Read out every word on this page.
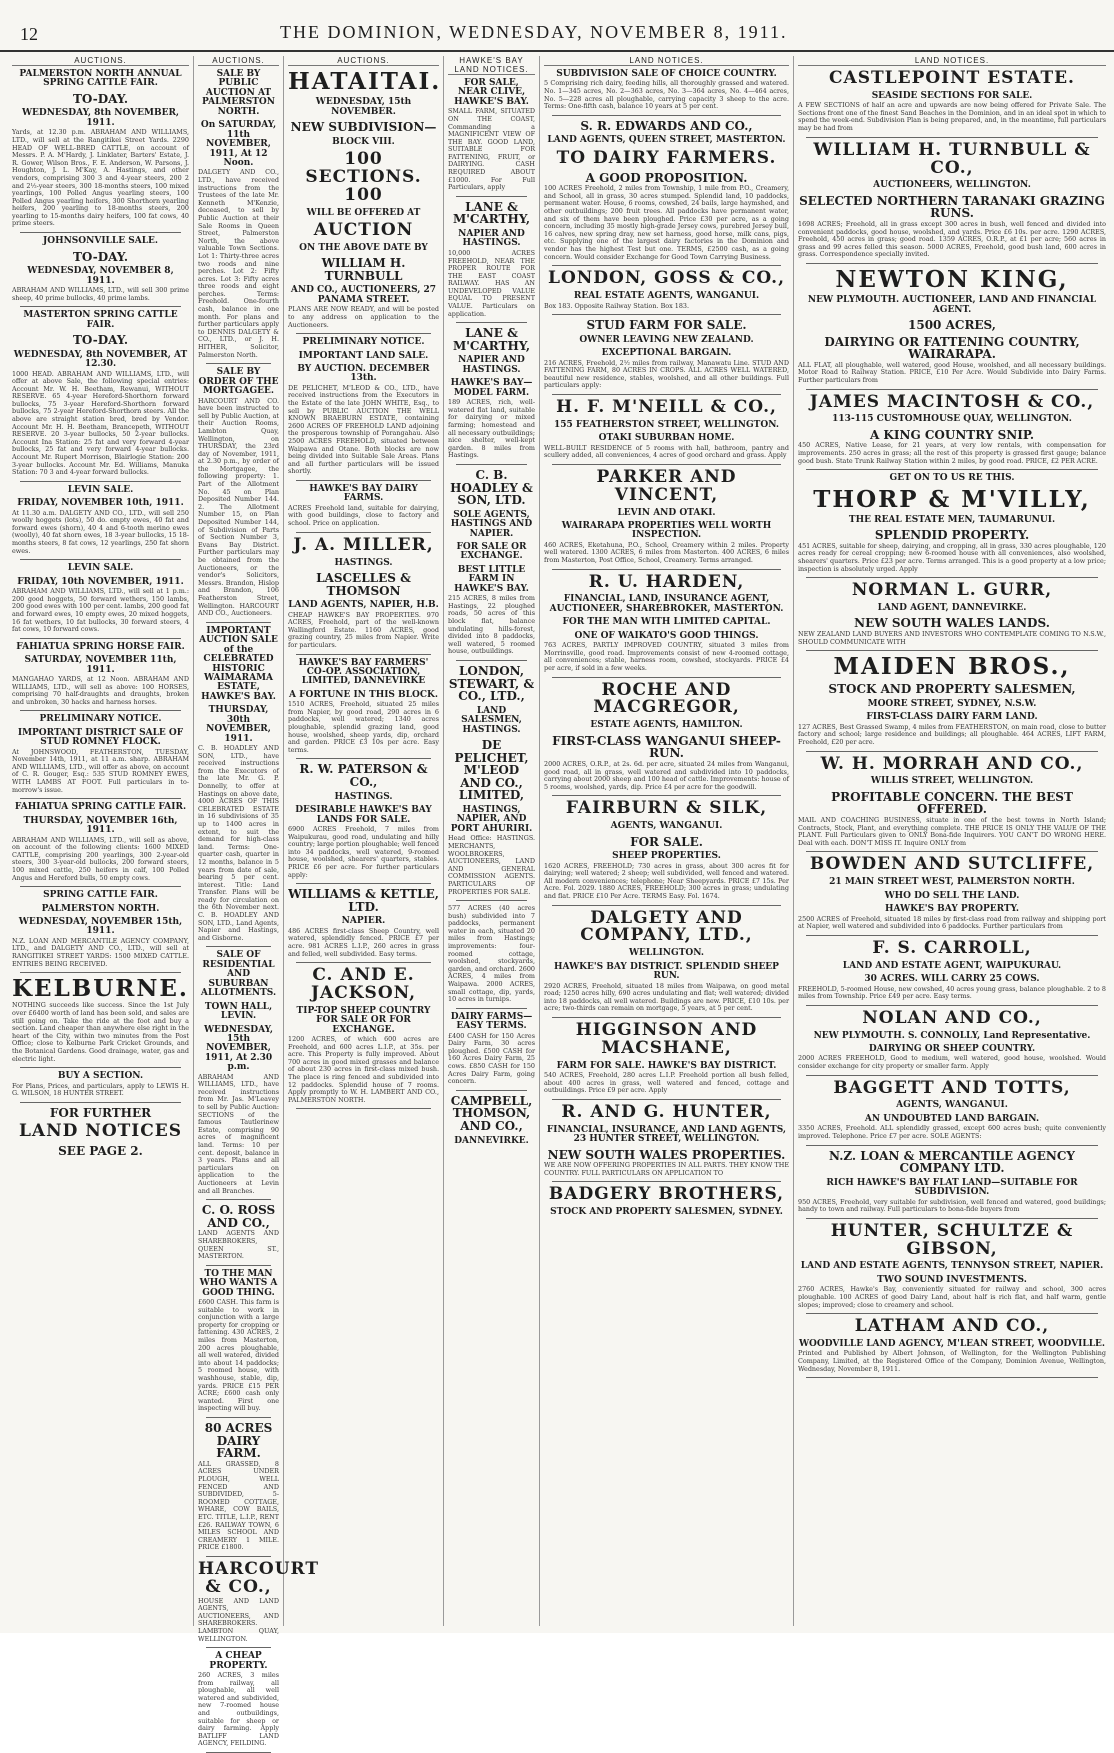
12	THE DOMINION, WEDNESDAY, NOVEMBER 8, 1911.
AUCTIONS.
PALMERSTON NORTH ANNUAL SPRING CATTLE FAIR.
TO-DAY.
WEDNESDAY, 8th NOVEMBER, 1911.
Yards, at 12.30 p.m. ABRAHAM AND WILLIAMS, LTD., will sell at the Rangitikei Street Yards. 2290 HEAD OF WELL-BRED CATTLE, on account of Messrs. P. A. M'Hardy, J. Linklater, Barters' Estate, J. R. Gower, Wilson Bros., F. E. Anderson, W. Parsons, J. Houghton, J. L. M'Kay, A. Hastings, and other vendors, comprising 300 3 and 4-year steers, 200 2 and 2½-year steers, 300 18-months steers, 100 mixed yearlings, 100 Polled Angus yearling steers, 100 Polled Angus yearling heifers, 300 Shorthorn yearling heifers, 200 yearling to 18-months steers, 200 yearling to 15-months dairy heifers, 100 fat cows, 40 prime steers.
JOHNSONVILLE SALE.
TO-DAY.
WEDNESDAY, NOVEMBER 8, 1911.
ABRAHAM AND WILLIAMS, LTD., will sell 300 prime sheep, 40 prime bullocks, 40 prime lambs.
MASTERTON SPRING CATTLE FAIR.
TO-DAY.
WEDNESDAY, 8th NOVEMBER, AT 12.30.
1000 HEAD. ABRAHAM AND WILLIAMS, LTD., will offer at above Sale, the following special entries: Account Mr. W. H. Beetham, Rewanui, WITHOUT RESERVE. 65 4-year Hereford-Shorthorn forward bullocks, 75 3-year Hereford-Shorthorn forward bullocks, 75 2-year Hereford-Shorthorn steers. All the above are straight station bred, bred by Vendor. Account Mr. H. H. Beetham, Brancepeth, WITHOUT RESERVE. 20 3-year bullocks, 50 2-year bullocks. Account Ina Station: 25 fat and very forward 4-year bullocks, 25 fat and very forward 4-year bullocks. Account Mr. Rupert Morrison, Blairlogie Station: 200 3-year bullocks. Account Mr. Ed. Williams, Manuka Station: 70 3 and 4-year forward bullocks.
LEVIN SALE.
FRIDAY, NOVEMBER 10th, 1911.
At 11.30 a.m. DALGETY AND CO., LTD., will sell 250 woolly hoggets (lots), 50 do. empty ewes, 40 fat and forward ewes (shorn), 40 4 and 6-tooth merino ewes (woolly), 40 fat shorn ewes, 18 3-year bullocks, 15 18-months steers, 8 fat cows, 12 yearlings, 250 fat shorn ewes.
LEVIN SALE.
FRIDAY, 10th NOVEMBER, 1911.
ABRAHAM AND WILLIAMS, LTD., will sell at 1 p.m.: 200 good hoggets, 50 forward wethers, 150 lambs, 200 good ewes with 100 per cent. lambs, 200 good fat and forward ewes, 10 empty ewes, 20 mixed hoggets, 16 fat wethers, 10 fat bullocks, 30 forward steers, 4 fat cows, 10 forward cows.
FAHIATUA SPRING HORSE FAIR.
SATURDAY, NOVEMBER 11th, 1911.
MANGAHAO YARDS, at 12 Noon. ABRAHAM AND WILLIAMS, LTD., will sell as above: 100 HORSES, comprising 70 half-draughts and draughts, broken and unbroken, 30 hacks and harness horses.
PRELIMINARY NOTICE.
IMPORTANT DISTRICT SALE OF STUD ROMNEY FLOCK.
At JOHNSWOOD, FEATHERSTON, TUESDAY, November 14th, 1911, at 11 a.m. sharp. ABRAHAM AND WILLIAMS, LTD., will offer as above, on account of C. R. Gouger, Esq.: 535 STUD ROMNEY EWES, WITH LAMBS AT FOOT. Full particulars in to-morrow's issue.
FAHIATUA SPRING CATTLE FAIR.
THURSDAY, NOVEMBER 16th, 1911.
ABRAHAM AND WILLIAMS, LTD., will sell as above, on account of the following clients: 1600 MIXED CATTLE, comprising 200 yearlings, 300 2-year-old steers, 300 3-year-old bullocks, 200 forward steers, 100 mixed cattle, 250 heifers in calf, 100 Polled Angus and Hereford bulls, 50 empty cows.
SPRING CATTLE FAIR.
PALMERSTON NORTH.
WEDNESDAY, NOVEMBER 15th, 1911.
N.Z. LOAN AND MERCANTILE AGENCY COMPANY, LTD., and DALGETY AND CO., LTD., will sell at RANGITIKEI STREET YARDS: 1500 MIXED CATTLE. ENTRIES BEING RECEIVED.
KELBURNE.
NOTHING succeeds like success. Since the 1st July over £6400 worth of land has been sold, and sales are still going on. Take the ride at the foot and buy a section. Land cheaper than anywhere else right in the heart of the City, within two minutes from the Post Office; close to Kelburne Park Cricket Grounds, and the Botanical Gardens. Good drainage, water, gas and electric light.
BUY A SECTION.
For Plans, Prices, and particulars, apply to LEWIS H. G. WILSON, 18 HUNTER STREET.
FOR FURTHER
LAND NOTICES
SEE PAGE 2.
AUCTIONS.
SALE BY PUBLIC AUCTION AT PALMERSTON NORTH.
On SATURDAY, 11th NOVEMBER, 1911, At 12 Noon.
DALGETY AND CO., LTD., have received instructions from the Trustees of the late Mr. Kenneth M'Kenzie, deceased, to sell by Public Auction at their Sale Rooms in Queen Street, Palmerston North, the above valuable Town Sections. Lot 1: Thirty-three acres two roods and nine perches. Lot 2: Fifty acres. Lot 3: Fifty acres three roods and eight perches. Terms: Freehold. One-fourth cash, balance in one month. For plans and further particulars apply to DENNIS DALGETY & CO., LTD., or J. H. HITHER, Solicitor, Palmerston North.
SALE BY ORDER OF THE MORTGAGEE.
HARCOURT AND CO. have been instructed to sell by Public Auction, at their Auction Rooms, Lambton Quay, Wellington, on THURSDAY, the 23rd day of November, 1911, at 2.30 p.m., by order of the Mortgagee, the following property: 1. Part of the Allotment No. 45 on Plan Deposited Number 144. 2. The Allotment Number 15, on Plan Deposited Number 144, of Subdivision of Parts of Section Number 3, Evans Bay District. Further particulars may be obtained from the Auctioneers, or the vendor's Solicitors, Messrs. Brandon, Hislop and Brandon, 106 Featherston Street, Wellington. HARCOURT AND CO., Auctioneers.
IMPORTANT AUCTION SALE of the CELEBRATED HISTORIC WAIMARAMA ESTATE, HAWKE'S BAY.
THURSDAY, 30th NOVEMBER, 1911.
C. B. HOADLEY AND SON, LTD., have received instructions from the Executors of the late Mr. G. P. Donnelly, to offer at Hastings on above date, 4000 ACRES OF THIS CELEBRATED ESTATE in 16 subdivisions of 35 up to 1400 acres in extent, to suit the demand for high-class land. Terms: One-quarter cash, quarter in 12 months, balance in 5 years from date of sale, bearing 5 per cent. interest. Title: Land Transfer. Plans will be ready for circulation on the 6th November next. C. B. HOADLEY AND SON, LTD., Land Agents, Napier and Hastings, and Gisborne.
SALE OF RESIDENTIAL AND SUBURBAN ALLOTMENTS.
TOWN HALL, LEVIN.
WEDNESDAY, 15th NOVEMBER, 1911, At 2.30 p.m.
ABRAHAM AND WILLIAMS, LTD., have received instructions from Mr. Jas. M'Leavey to sell by Public Auction: SECTIONS of the famous Tautlerinew Estate, comprising 90 acres of magnificent land. Terms: 10 per cent. deposit, balance in 3 years. Plans and all particulars on application to the Auctioneers at Levin and all Branches.
C. O. ROSS AND CO.,
LAND AGENTS AND SHAREBROKERS, QUEEN ST., MASTERTON.
TO THE MAN WHO WANTS A GOOD THING.
£600 CASH. This farm is suitable to work in conjunction with a large property for cropping or fattening. 430 ACRES, 2 miles from Masterton, 200 acres ploughable, all well watered, divided into about 14 paddocks; 5 roomed house, with washhouse, stable, dip, yards. PRICE £15 PER ACRE; £600 cash only wanted. First one inspecting will buy.
80 ACRES DAIRY FARM.
ALL GRASSED, 8 ACRES UNDER PLOUGH, WELL FENCED AND SUBDIVIDED, 5-ROOMED COTTAGE, WHARE, COW BAILS, ETC. TITLE, L.I.P., RENT £26. RAILWAY TOWN, 6 MILES SCHOOL AND CREAMERY 1 MILE. PRICE £1800.
HARCOURT & CO.,
HOUSE AND LAND AGENTS, AUCTIONEERS, AND SHAREBROKERS. LAMBTON QUAY, WELLINGTON.
A CHEAP PROPERTY.
260 ACRES, 3 miles from railway, all ploughable, all well watered and subdivided, new 7-roomed house and outbuildings, suitable for sheep or dairy farming. Apply BATLIFF LAND AGENCY, FEILDING.
AUCTIONS.
HATAITAI.
WEDNESDAY, 15th NOVEMBER.
NEW SUBDIVISION—
BLOCK VIII.
100 SECTIONS. 100
WILL BE OFFERED AT
AUCTION
ON THE ABOVE DATE BY
WILLIAM H. TURNBULL
AND CO., AUCTIONEERS, 27 PANAMA STREET.
PLANS ARE NOW READY, and will be posted to any address on application to the Auctioneers.
PRELIMINARY NOTICE.
IMPORTANT LAND SALE.
BY AUCTION. DECEMBER 13th.
DE PELICHET, M'LEOD & CO., LTD., have received instructions from the Executors in the Estate of the late JOHN WHITE, Esq., to sell by PUBLIC AUCTION THE WELL KNOWN BRAEBURN ESTATE, containing 2600 ACRES OF FREEHOLD LAND adjoining the prosperous township of Porangahau. Also 2500 ACRES FREEHOLD, situated between Waipawa and Otane. Both blocks are now being divided into Suitable Sale Areas. Plans and all further particulars will be issued shortly.
HAWKE'S BAY DAIRY FARMS.
ACRES Freehold land, suitable for dairying, with good buildings, close to factory and school. Price on application.
J. A. MILLER,
HASTINGS.
LASCELLES & THOMSON
LAND AGENTS, NAPIER, H.B.
CHEAP HAWKE'S BAY PROPERTIES. 970 ACRES, Freehold, part of the well-known Wallingford Estate. 1160 ACRES, good grazing country, 25 miles from Napier. Write for particulars.
HAWKE'S BAY FARMERS' CO-OP. ASSOCIATION, LIMITED, DANNEVIRKE
A FORTUNE IN THIS BLOCK.
1510 ACRES, Freehold, situated 25 miles from Napier, by good road, 290 acres in 6 paddocks, well watered; 1340 acres ploughable, splendid grazing land, good house, woolshed, sheep yards, dip, orchard and garden. PRICE £3 10s per acre. Easy terms.
R. W. PATERSON & CO.,
HASTINGS.
DESIRABLE HAWKE'S BAY LANDS FOR SALE.
6900 ACRES Freehold, 7 miles from Waipukurau, good road, undulating and hilly country; large portion ploughable; well fenced into 34 paddocks, well watered, 9-roomed house, woolshed, shearers' quarters, stables. PRICE £6 per acre. For further particulars apply:
WILLIAMS & KETTLE, LTD.
NAPIER.
486 ACRES first-class Sheep Country, well watered, splendidly fenced. PRICE £7 per acre. 981 ACRES L.I.P., 260 acres in grass and felled, well subdivided. Easy terms.
C. AND E. JACKSON,
TIP-TOP SHEEP COUNTRY FOR SALE OR FOR EXCHANGE.
1200 ACRES, of which 600 acres are Freehold, and 600 acres L.I.P., at 35s. per acre. This Property is fully improved. About 700 acres in good mixed grasses and balance of about 230 acres in first-class mixed bush. The place is ring fenced and subdivided into 12 paddocks. Splendid house of 7 rooms. Apply promptly to W. H. LAMBERT AND CO., PALMERSTON NORTH.
HAWKE'S BAY LAND NOTICES.
FOR SALE, NEAR CLIVE, HAWKE'S BAY.
SMALL FARM, SITUATED ON THE COAST, Commanding a MAGNIFICENT VIEW OF THE BAY. GOOD LAND, SUITABLE FOR FATTENING, FRUIT, or DAIRYING. CASH REQUIRED ABOUT £1000. For Full Particulars, apply
LANE & M'CARTHY,
NAPIER AND HASTINGS.
10,000 ACRES FREEHOLD, NEAR THE PROPER ROUTE FOR THE EAST COAST RAILWAY. HAS AN UNDEVELOPED VALUE EQUAL TO PRESENT VALUE. Particulars on application.
LANE & M'CARTHY,
NAPIER AND HASTINGS.
HAWKE'S BAY—MODEL FARM.
189 ACRES, rich, well-watered flat land, suitable for dairying or mixed farming; homestead and all necessary outbuildings; nice shelter, well-kept garden. 8 miles from Hastings.
C. B. HOADLEY & SON, LTD.
SOLE AGENTS, HASTINGS AND NAPIER.
FOR SALE OR EXCHANGE.
BEST LITTLE FARM IN HAWKE'S BAY.
215 ACRES, 8 miles from Hastings, 22 ploughed roads, 50 acres of this block flat, balance undulating hills-forest, divided into 8 paddocks, well watered, 5 roomed house, outbuildings.
LONDON, STEWART, & CO., LTD.,
LAND SALESMEN, HASTINGS.
DE PELICHET, M'LEOD AND CO., LIMITED,
HASTINGS, NAPIER, AND PORT AHURIRI.
Head Office: HASTINGS. MERCHANTS, WOOLBROKERS, AUCTIONEERS, LAND AND GENERAL COMMISSION AGENTS. PARTICULARS OF PROPERTIES FOR SALE.
577 ACRES (40 acres bush) subdivided into 7 paddocks, permanent water in each, situated 20 miles from Hastings; improvements: four-roomed cottage, woolshed, stockyards, garden, and orchard. 2600 ACRES, 4 miles from Waipawa. 2000 ACRES, small cottage, dip, yards, 10 acres in turnips.
DAIRY FARMS—EASY TERMS.
£400 CASH for 150 Acres Dairy Farm, 30 acres ploughed. £500 CASH for 160 Acres Dairy Farm, 25 cows. £850 CASH for 150 Acres Dairy Farm, going concern.
CAMPBELL, THOMSON, AND CO.,
DANNEVIRKE.
LAND NOTICES.
SUBDIVISION SALE OF CHOICE COUNTRY.
5 Comprising rich dairy, feeding hills, all thoroughly grassed and watered. No. 1—345 acres, No. 2—363 acres, No. 3—364 acres, No. 4—464 acres, No. 5—228 acres all ploughable, carrying capacity 3 sheep to the acre. Terms: One-fifth cash, balance 10 years at 5 per cent.
S. R. EDWARDS AND CO.,
LAND AGENTS, QUEEN STREET, MASTERTON.
TO DAIRY FARMERS.
A GOOD PROPOSITION.
100 ACRES Freehold, 2 miles from Township, 1 mile from P.O., Creamery, and School, all in grass, 30 acres stumped. Splendid land, 10 paddocks, permanent water. House, 6 rooms, cowshed, 24 bails, large haymshed, and other outbuildings; 200 fruit trees. All paddocks have permanent water, and six of them have been ploughed. Price £30 per acre, as a going concern, including 35 mostly high-grade Jersey cows, purebred Jersey bull, 16 calves, new spring dray, new set harness, good horse, milk cans, pigs, etc. Supplying one of the largest dairy factories in the Dominion and vendor has the highest Test but one. TERMS, £2500 cash, as a going concern. Would consider Exchange for Good Town Carrying Business.
LONDON, GOSS & CO.,
REAL ESTATE AGENTS, WANGANUI.
Box 183. Opposite Railway Station. Box 183.
STUD FARM FOR SALE.
OWNER LEAVING NEW ZEALAND.
EXCEPTIONAL BARGAIN.
216 ACRES, Freehold, 2½ miles from railway, Manawatu Line. STUD AND FATTENING FARM, 80 ACRES IN CROPS. ALL ACRES WELL WATERED, beautiful new residence, stables, woolshed, and all other buildings. Full particulars apply:
H. F. M'NEILL & CO.,
155 FEATHERSTON STREET, WELLINGTON.
OTAKI SUBURBAN HOME.
WELL-BUILT RESIDENCE of 5 rooms with hall, bathroom, pantry and scullery added, all conveniences, 4 acres of good orchard and grass. Apply
PARKER AND VINCENT,
LEVIN AND OTAKI.
WAIRARAPA PROPERTIES WELL WORTH INSPECTION.
460 ACRES, Eketahuna, P.O., School, Creamery within 2 miles. Property well watered. 1300 ACRES, 6 miles from Masterton. 400 ACRES, 6 miles from Masterton, Post Office, School, Creamery. Terms arranged.
R. U. HARDEN,
FINANCIAL, LAND, INSURANCE AGENT, AUCTIONEER, SHAREBROKER, MASTERTON.
FOR THE MAN WITH LIMITED CAPITAL.
ONE OF WAIKATO'S GOOD THINGS.
763 ACRES, PARTLY IMPROVED COUNTRY, situated 3 miles from Morrinsville, good road. Improvements consist of new 4-roomed cottage, all conveniences; stable, harness room, cowshed, stockyards. PRICE £4 per acre, if sold in a few weeks.
ROCHE AND MACGREGOR,
ESTATE AGENTS, HAMILTON.
FIRST-CLASS WANGANUI SHEEP-RUN.
2000 ACRES, O.R.P., at 2s. 6d. per acre, situated 24 miles from Wanganui, good road, all in grass, well watered and subdivided into 10 paddocks, carrying about 2000 sheep and 100 head of cattle. Improvements: house of 5 rooms, woolshed, yards, dip. Price £4 per acre for the goodwill.
FAIRBURN & SILK,
AGENTS, WANGANUI.
FOR SALE.
SHEEP PROPERTIES.
1620 ACRES, FREEHOLD; 730 acres in grass, about 300 acres fit for dairying; well watered; 2 sheep; well subdivided, well fenced and watered. All modern conveniences; telephone; Near Sheepyards. PRICE £7 15s. Per Acre. Fol. 2029. 1880 ACRES, FREEHOLD; 300 acres in grass; undulating and flat. PRICE £10 Per Acre. TERMS Easy. Fol. 1674.
DALGETY AND COMPANY, LTD.,
WELLINGTON.
HAWKE'S BAY DISTRICT. SPLENDID SHEEP RUN.
2920 ACRES, Freehold, situated 18 miles from Waipawa, on good metal road; 1250 acres hilly, 690 acres undulating and flat; well watered; divided into 18 paddocks, all well watered. Buildings are new. PRICE, £10 10s. per acre; two-thirds can remain on mortgage, 5 years, at 5 per cent.
HIGGINSON AND MACSHANE,
FARM FOR SALE. HAWKE'S BAY DISTRICT.
540 ACRES, Freehold, 280 acres L.I.P. Freehold portion all bush felled, about 400 acres in grass, well watered and fenced, cottage and outbuildings. Price £9 per acre. Apply
R. AND G. HUNTER,
FINANCIAL, INSURANCE, AND LAND AGENTS, 23 HUNTER STREET, WELLINGTON.
NEW SOUTH WALES PROPERTIES.
WE ARE NOW OFFERING PROPERTIES IN ALL PARTS. THEY KNOW THE COUNTRY. FULL PARTICULARS ON APPLICATION TO
BADGERY BROTHERS,
STOCK AND PROPERTY SALESMEN, SYDNEY.
LAND NOTICES.
CASTLEPOINT ESTATE.
SEASIDE SECTIONS FOR SALE.
A FEW SECTIONS of half an acre and upwards are now being offered for Private Sale. The Sections front one of the finest Sand Beaches in the Dominion, and in an ideal spot in which to spend the week-end. Subdivision Plan is being prepared, and, in the meantime, full particulars may be had from
WILLIAM H. TURNBULL & CO.,
AUCTIONEERS, WELLINGTON.
SELECTED NORTHERN TARANAKI GRAZING RUNS.
1698 ACRES; Freehold, all in grass except 300 acres in bush, well fenced and divided into convenient paddocks, good house, woolshed, and yards. Price £6 10s. per acre. 1290 ACRES, Freehold, 450 acres in grass; good road. 1359 ACRES, O.R.P., at £1 per acre; 560 acres in grass and 99 acres felled this season. 5000 ACRES, Freehold, good bush land, 600 acres in grass. Correspondence specially invited.
NEWTON KING,
NEW PLYMOUTH. AUCTIONEER, LAND AND FINANCIAL AGENT.
1500 ACRES,
DAIRYING OR FATTENING COUNTRY, WAIRARAPA.
ALL FLAT, all ploughable, well watered, good House, woolshed, and all necessary buildings. Motor Road to Railway Station. PRICE, £10 Per Acre. Would Subdivide into Dairy Farms. Further particulars from
JAMES MACINTOSH & CO.,
113-115 CUSTOMHOUSE QUAY, WELLINGTON.
A KING COUNTRY SNIP.
450 ACRES, Native Lease, for 21 years, at very low rentals, with compensation for improvements. 250 acres in grass; all the rest of this property is grassed first gauge; balance good bush. State Trunk Railway Station within 2 miles, by good road. PRICE, £2 PER ACRE.
GET ON TO US RE THIS.
THORP & M'VILLY,
THE REAL ESTATE MEN, TAUMARUNUI.
SPLENDID PROPERTY.
451 ACRES, suitable for sheep, dairying, and cropping, all in grass, 330 acres ploughable, 120 acres ready for cereal cropping; new 6-roomed house with all conveniences, also woolshed, shearers' quarters. Price £23 per acre. Terms arranged. This is a good property at a low price; inspection is absolutely urged. Apply
NORMAN L. GURR,
LAND AGENT, DANNEVIRKE.
NEW SOUTH WALES LANDS.
NEW ZEALAND LAND BUYERS AND INVESTORS WHO CONTEMPLATE COMING TO N.S.W., SHOULD COMMUNICATE WITH
MAIDEN BROS.,
STOCK AND PROPERTY SALESMEN,
MOORE STREET, SYDNEY, N.S.W.
FIRST-CLASS DAIRY FARM LAND.
127 ACRES, Best Grassed Swamp, 4 miles from FEATHERSTON, on main road, close to butter factory and school; large residence and buildings; all ploughable. 464 ACRES, LIFT FARM, Freehold, £20 per acre.
W. H. MORRAH AND CO.,
WILLIS STREET, WELLINGTON.
PROFITABLE CONCERN. THE BEST OFFERED.
MAIL AND COACHING BUSINESS, situate in one of the best towns in North Island; Contracts, Stock, Plant, and everything complete. THE PRICE IS ONLY THE VALUE OF THE PLANT. Full Particulars given to ONLY Bona-fide Inquirers. YOU CAN'T DO WRONG HERE. Deal with each. DON'T MISS IT. Inquire ONLY from
BOWDEN AND SUTCLIFFE,
21 MAIN STREET WEST, PALMERSTON NORTH.
WHO DO SELL THE LAND.
HAWKE'S BAY PROPERTY.
2500 ACRES of Freehold, situated 18 miles by first-class road from railway and shipping port at Napier, well watered and subdivided into 6 paddocks. Further particulars from
F. S. CARROLL,
LAND AND ESTATE AGENT, WAIPUKURAU.
30 ACRES. WILL CARRY 25 COWS.
FREEHOLD, 5-roomed House, new cowshed, 40 acres young grass, balance ploughable. 2 to 8 miles from Township. Price £49 per acre. Easy terms.
NOLAN AND CO.,
NEW PLYMOUTH. S. CONNOLLY, Land Representative.
DAIRYING OR SHEEP COUNTRY.
2000 ACRES FREEHOLD, Good to medium, well watered, good house, woolshed. Would consider exchange for city property or smaller farm. Apply
BAGGETT AND TOTTS,
AGENTS, WANGANUI.
AN UNDOUBTED LAND BARGAIN.
3350 ACRES, Freehold. ALL splendidly grassed, except 600 acres bush; quite conveniently improved. Telephone. Price £7 per acre. SOLE AGENTS:
N.Z. LOAN & MERCANTILE AGENCY COMPANY LTD.
RICH HAWKE'S BAY FLAT LAND—SUITABLE FOR SUBDIVISION.
950 ACRES, Freehold, very suitable for subdivision, well fenced and watered, good buildings; handy to town and railway. Full particulars to bona-fide buyers from
HUNTER, SCHULTZE & GIBSON,
LAND AND ESTATE AGENTS, TENNYSON STREET, NAPIER.
TWO SOUND INVESTMENTS.
2760 ACRES, Hawke's Bay, conveniently situated for railway and school, 300 acres ploughable. 100 ACRES of good Dairy Land, about half is rich flat, and half warm, gentle slopes; improved; close to creamery and school.
LATHAM AND CO.,
WOODVILLE LAND AGENCY, M'LEAN STREET, WOODVILLE.
Printed and Published by Albert Johnson, of Wellington, for the Wellington Publishing Company, Limited, at the Registered Office of the Company, Dominion Avenue, Wellington, Wednesday, November 8, 1911.
